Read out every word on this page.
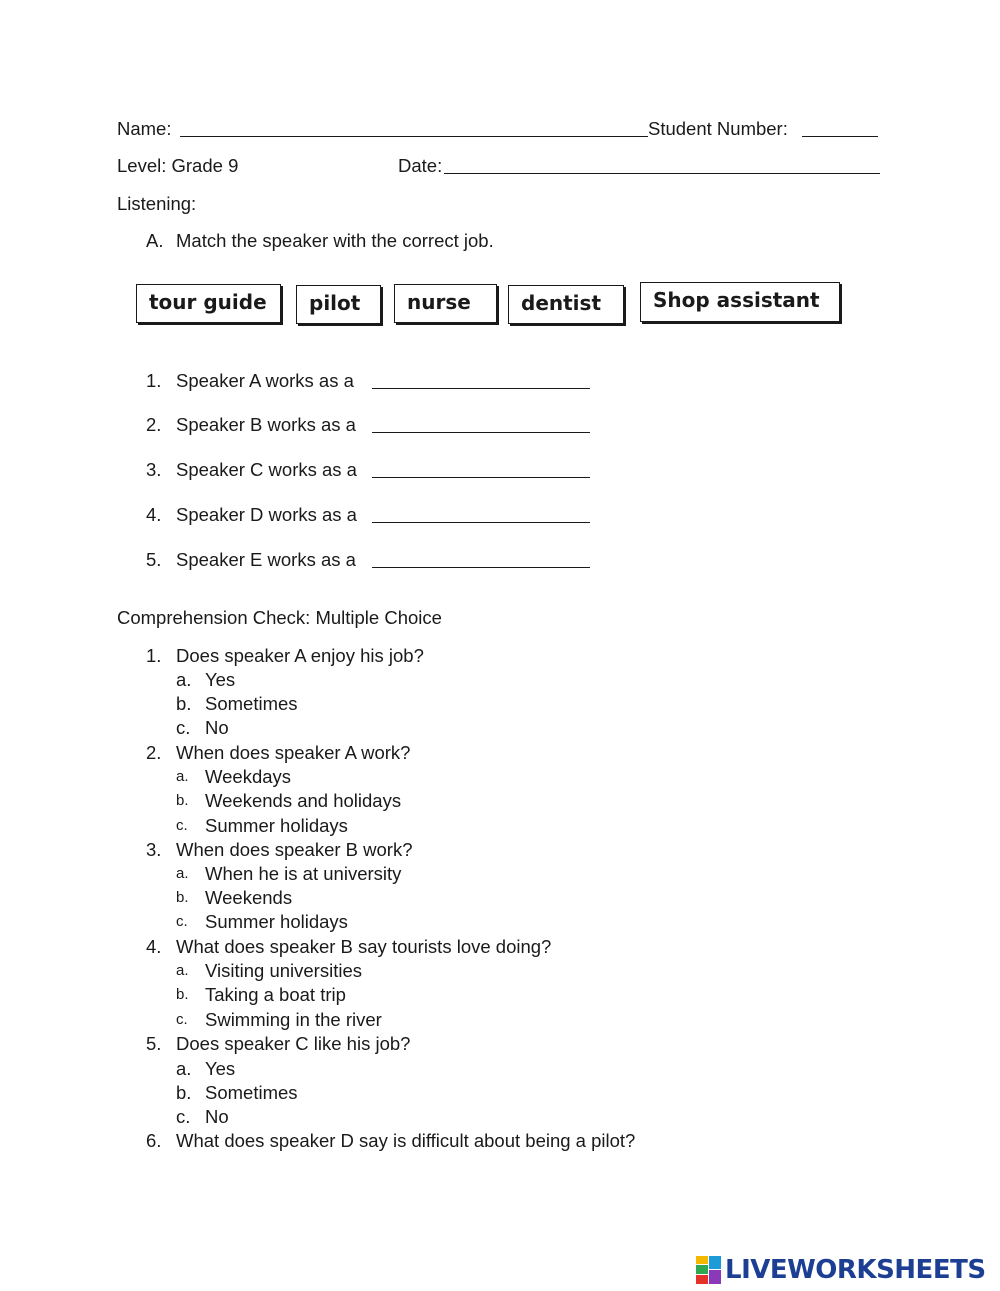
Name:	Student Number:
Level: Grade 9	Date:
Listening:
A. Match the speaker with the correct job.
tour guide	pilot	nurse	dentist	Shop assistant
1. Speaker A works as a
2. Speaker B works as a
3. Speaker C works as a
4. Speaker D works as a
5. Speaker E works as a
Comprehension Check: Multiple Choice
1. Does speaker A enjoy his job?
a. Yes
b. Sometimes
c. No
2. When does speaker A work?
a. Weekdays
b. Weekends and holidays
c. Summer holidays
3. When does speaker B work?
a. When he is at university
b. Weekends
c. Summer holidays
4. What does speaker B say tourists love doing?
a. Visiting universities
b. Taking a boat trip
c. Swimming in the river
5. Does speaker C like his job?
a. Yes
b. Sometimes
c. No
6. What does speaker D say is difficult about being a pilot?
LIVEWORKSHEETS
